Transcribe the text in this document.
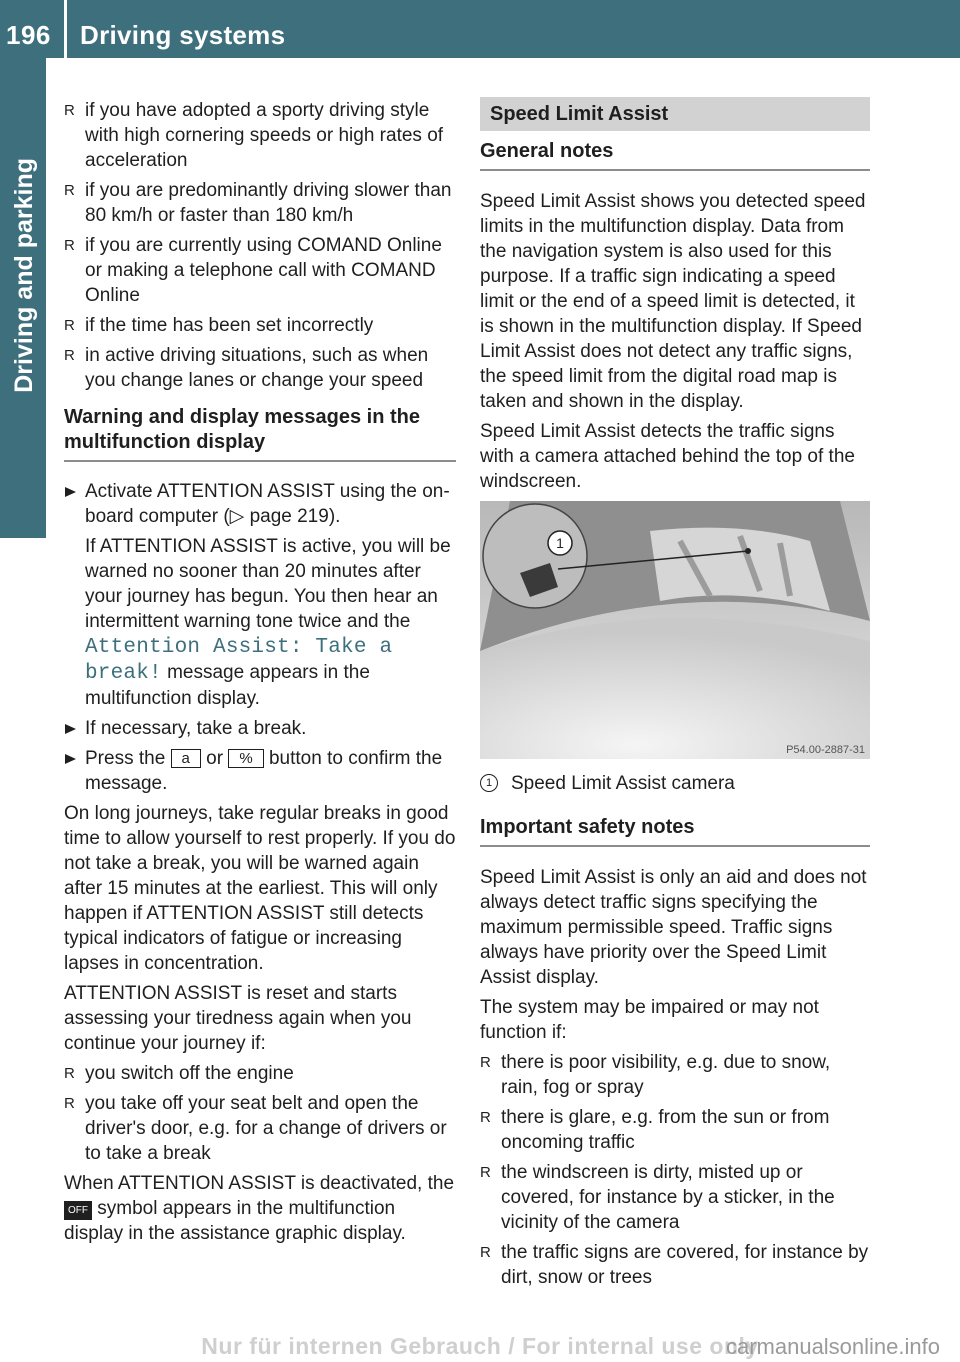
196 Driving systems
Driving and parking
R if you have adopted a sporty driving style with high cornering speeds or high rates of acceleration
R if you are predominantly driving slower than 80 km/h or faster than 180 km/h
R if you are currently using COMAND Online or making a telephone call with COMAND Online
R if the time has been set incorrectly
R in active driving situations, such as when you change lanes or change your speed
Warning and display messages in the multifunction display
Activate ATTENTION ASSIST using the on-board computer (▷ page 219).
If ATTENTION ASSIST is active, you will be warned no sooner than 20 minutes after your journey has begun. You then hear an intermittent warning tone twice and the Attention Assist: Take a break! message appears in the multifunction display.
If necessary, take a break.
Press the a or % button to confirm the message.

On long journeys, take regular breaks in good time to allow yourself to rest properly. If you do not take a break, you will be warned again after 15 minutes at the earliest. This will only happen if ATTENTION ASSIST still detects typical indicators of fatigue or increasing lapses in concentration.

ATTENTION ASSIST is reset and starts assessing your tiredness again when you continue your journey if:

R you switch off the engine
R you take off your seat belt and open the driver's door, e.g. for a change of drivers or to take a break

When ATTENTION ASSIST is deactivated, the OFF symbol appears in the multifunction display in the assistance graphic display.

Speed Limit Assist
General notes

Speed Limit Assist shows you detected speed limits in the multifunction display. Data from the navigation system is also used for this purpose. If a traffic sign indicating a speed limit or the end of a speed limit is detected, it is shown in the multifunction display. If Speed Limit Assist does not detect any traffic signs, the speed limit from the digital road map is taken and shown in the display.

Speed Limit Assist detects the traffic signs with a camera attached behind the top of the windscreen.

1
P54.00-2887-31
1 Speed Limit Assist camera
Important safety notes

Speed Limit Assist is only an aid and does not always detect traffic signs specifying the maximum permissible speed. Traffic signs always have priority over the Speed Limit Assist display.

The system may be impaired or may not function if:

R there is poor visibility, e.g. due to snow, rain, fog or spray
R there is glare, e.g. from the sun or from oncoming traffic
R the windscreen is dirty, misted up or covered, for instance by a sticker, in the vicinity of the camera
R the traffic signs are covered, for instance by dirt, snow or trees
Nur für internen Gebrauch / For internal use only
carmanualsonline.info
